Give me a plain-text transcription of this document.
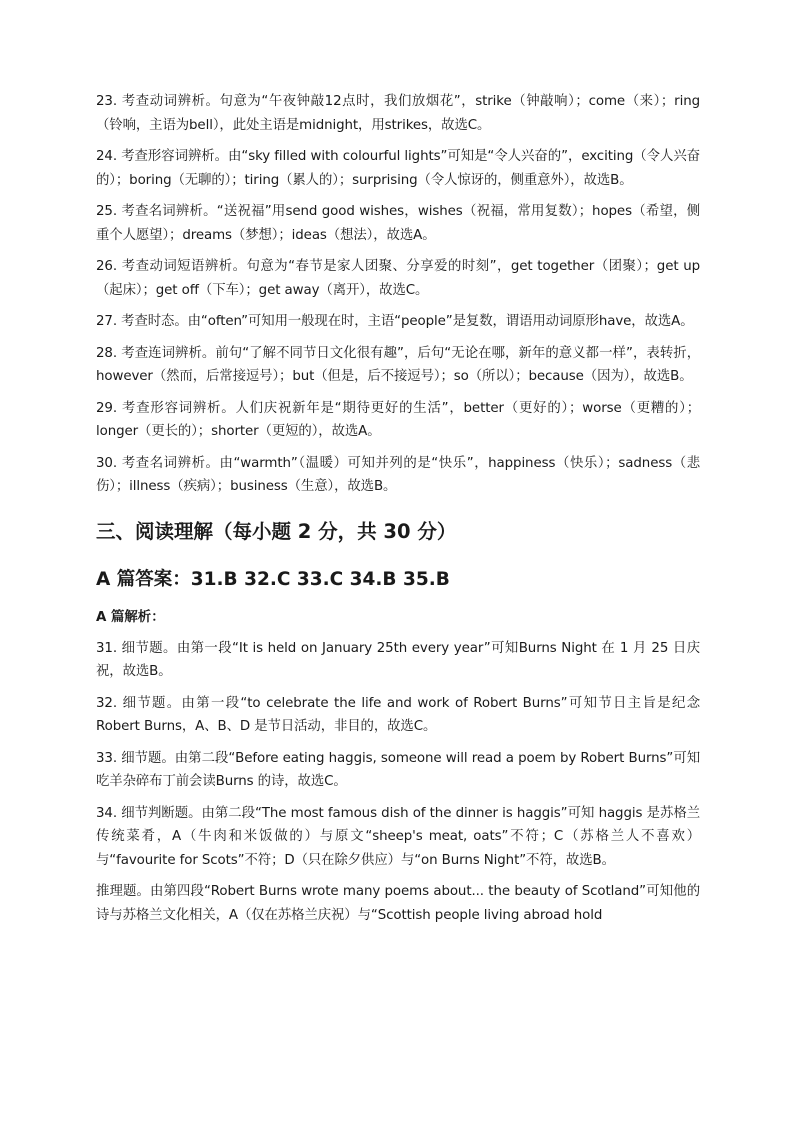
23. 考查动词辨析。句意为“午夜钟敲12点时，我们放烟花”，strike（钟敲响）；come（来）；ring（铃响，主语为bell），此处主语是midnight，用strikes，故选C。

24. 考查形容词辨析。由“sky filled with colourful lights”可知是“令人兴奋的”，exciting（令人兴奋的）；boring（无聊的）；tiring（累人的）；surprising（令人惊讶的，侧重意外），故选B。

25. 考查名词辨析。“送祝福”用send good wishes，wishes（祝福，常用复数）；hopes（希望，侧重个人愿望）；dreams（梦想）；ideas（想法），故选A。

26. 考查动词短语辨析。句意为“春节是家人团聚、分享爱的时刻”，get together（团聚）；get up（起床）；get off（下车）；get away（离开），故选C。

27. 考查时态。由“often”可知用一般现在时，主语“people”是复数，谓语用动词原形have，故选A。

28. 考查连词辨析。前句“了解不同节日文化很有趣”，后句“无论在哪，新年的意义都一样”，表转折，however（然而，后常接逗号）；but（但是，后不接逗号）；so（所以）；because（因为），故选B。

29. 考查形容词辨析。人们庆祝新年是“期待更好的生活”，better（更好的）；worse（更糟的）；longer（更长的）；shorter（更短的），故选A。

30. 考查名词辨析。由“warmth”（温暖）可知并列的是“快乐”，happiness（快乐）；sadness（悲伤）；illness（疾病）；business（生意），故选B。

三、阅读理解（每小题 2 分，共 30 分）
A 篇答案：31.B 32.C 33.C 34.B 35.B
A 篇解析：

31. 细节题。由第一段“It is held on January 25th every year”可知Burns Night 在 1 月 25 日庆祝，故选B。

32. 细节题。由第一段“to celebrate the life and work of Robert Burns”可知节日主旨是纪念Robert Burns，A、B、D 是节日活动，非目的，故选C。

33. 细节题。由第二段“Before eating haggis, someone will read a poem by Robert Burns”可知吃羊杂碎布丁前会读Burns 的诗，故选C。

34. 细节判断题。由第二段“The most famous dish of the dinner is haggis”可知 haggis 是苏格兰传统菜肴，A（牛肉和米饭做的）与原文“sheep's meat, oats”不符；C（苏格兰人不喜欢）与“favourite for Scots”不符；D（只在除夕供应）与“on Burns Night”不符，故选B。

推理题。由第四段“Robert Burns wrote many poems about... the beauty of Scotland”可知他的诗与苏格兰文化相关，A（仅在苏格兰庆祝）与“Scottish people living abroad hold
